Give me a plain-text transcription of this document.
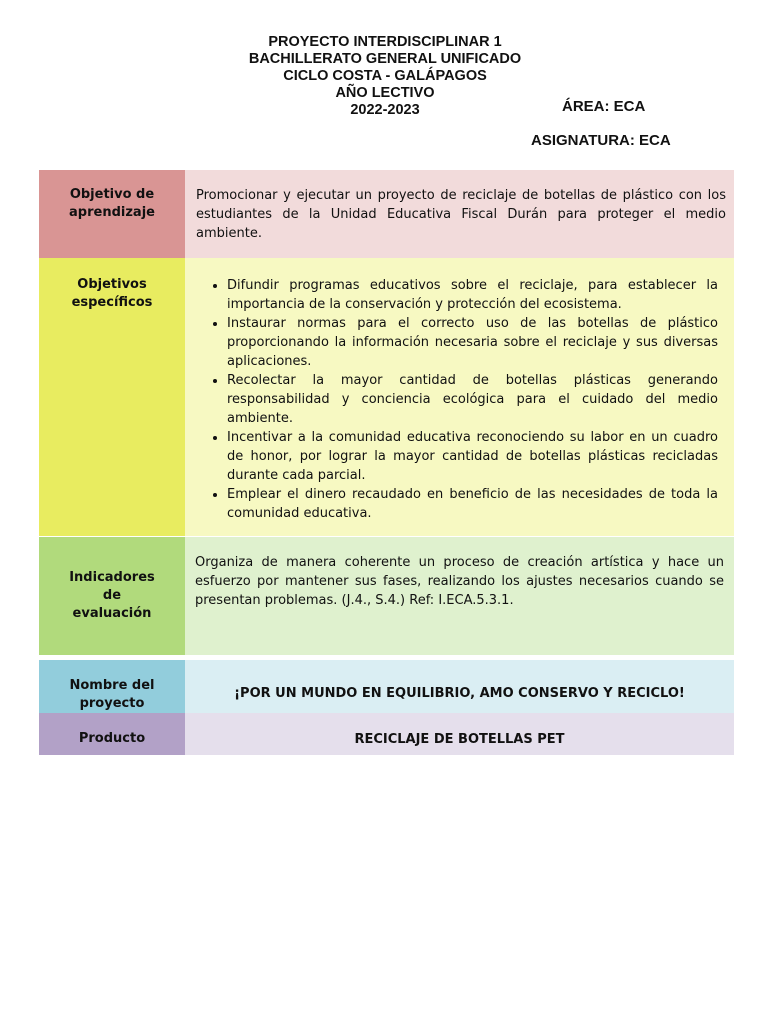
PROYECTO INTERDISCIPLINAR 1
BACHILLERATO GENERAL UNIFICADO
CICLO COSTA - GALÁPAGOS
AÑO LECTIVO
2022-2023	ÁREA: ECA
ASIGNATURA: ECA
Objetivo de aprendizaje
Promocionar y ejecutar un proyecto de reciclaje de botellas de plástico con los estudiantes de la Unidad Educativa Fiscal Durán para proteger el medio ambiente.
Objetivos específicos
• Difundir programas educativos sobre el reciclaje, para establecer la importancia de la conservación y protección del ecosistema.
• Instaurar normas para el correcto uso de las botellas de plástico proporcionando la información necesaria sobre el reciclaje y sus diversas aplicaciones.
• Recolectar la mayor cantidad de botellas plásticas generando responsabilidad y conciencia ecológica para el cuidado del medio ambiente.
• Incentivar a la comunidad educativa reconociendo su labor en un cuadro de honor, por lograr la mayor cantidad de botellas plásticas recicladas durante cada parcial.
• Emplear el dinero recaudado en beneficio de las necesidades de toda la comunidad educativa.
Indicadores
de
evaluación
Organiza de manera coherente un proceso de creación artística y hace un esfuerzo por mantener sus fases, realizando los ajustes necesarios cuando se presentan problemas. (J.4., S.4.) Ref: I.ECA.5.3.1.
Nombre del proyecto
¡POR UN MUNDO EN EQUILIBRIO, AMO CONSERVO Y RECICLO!
Producto	RECICLAJE DE BOTELLAS PET
